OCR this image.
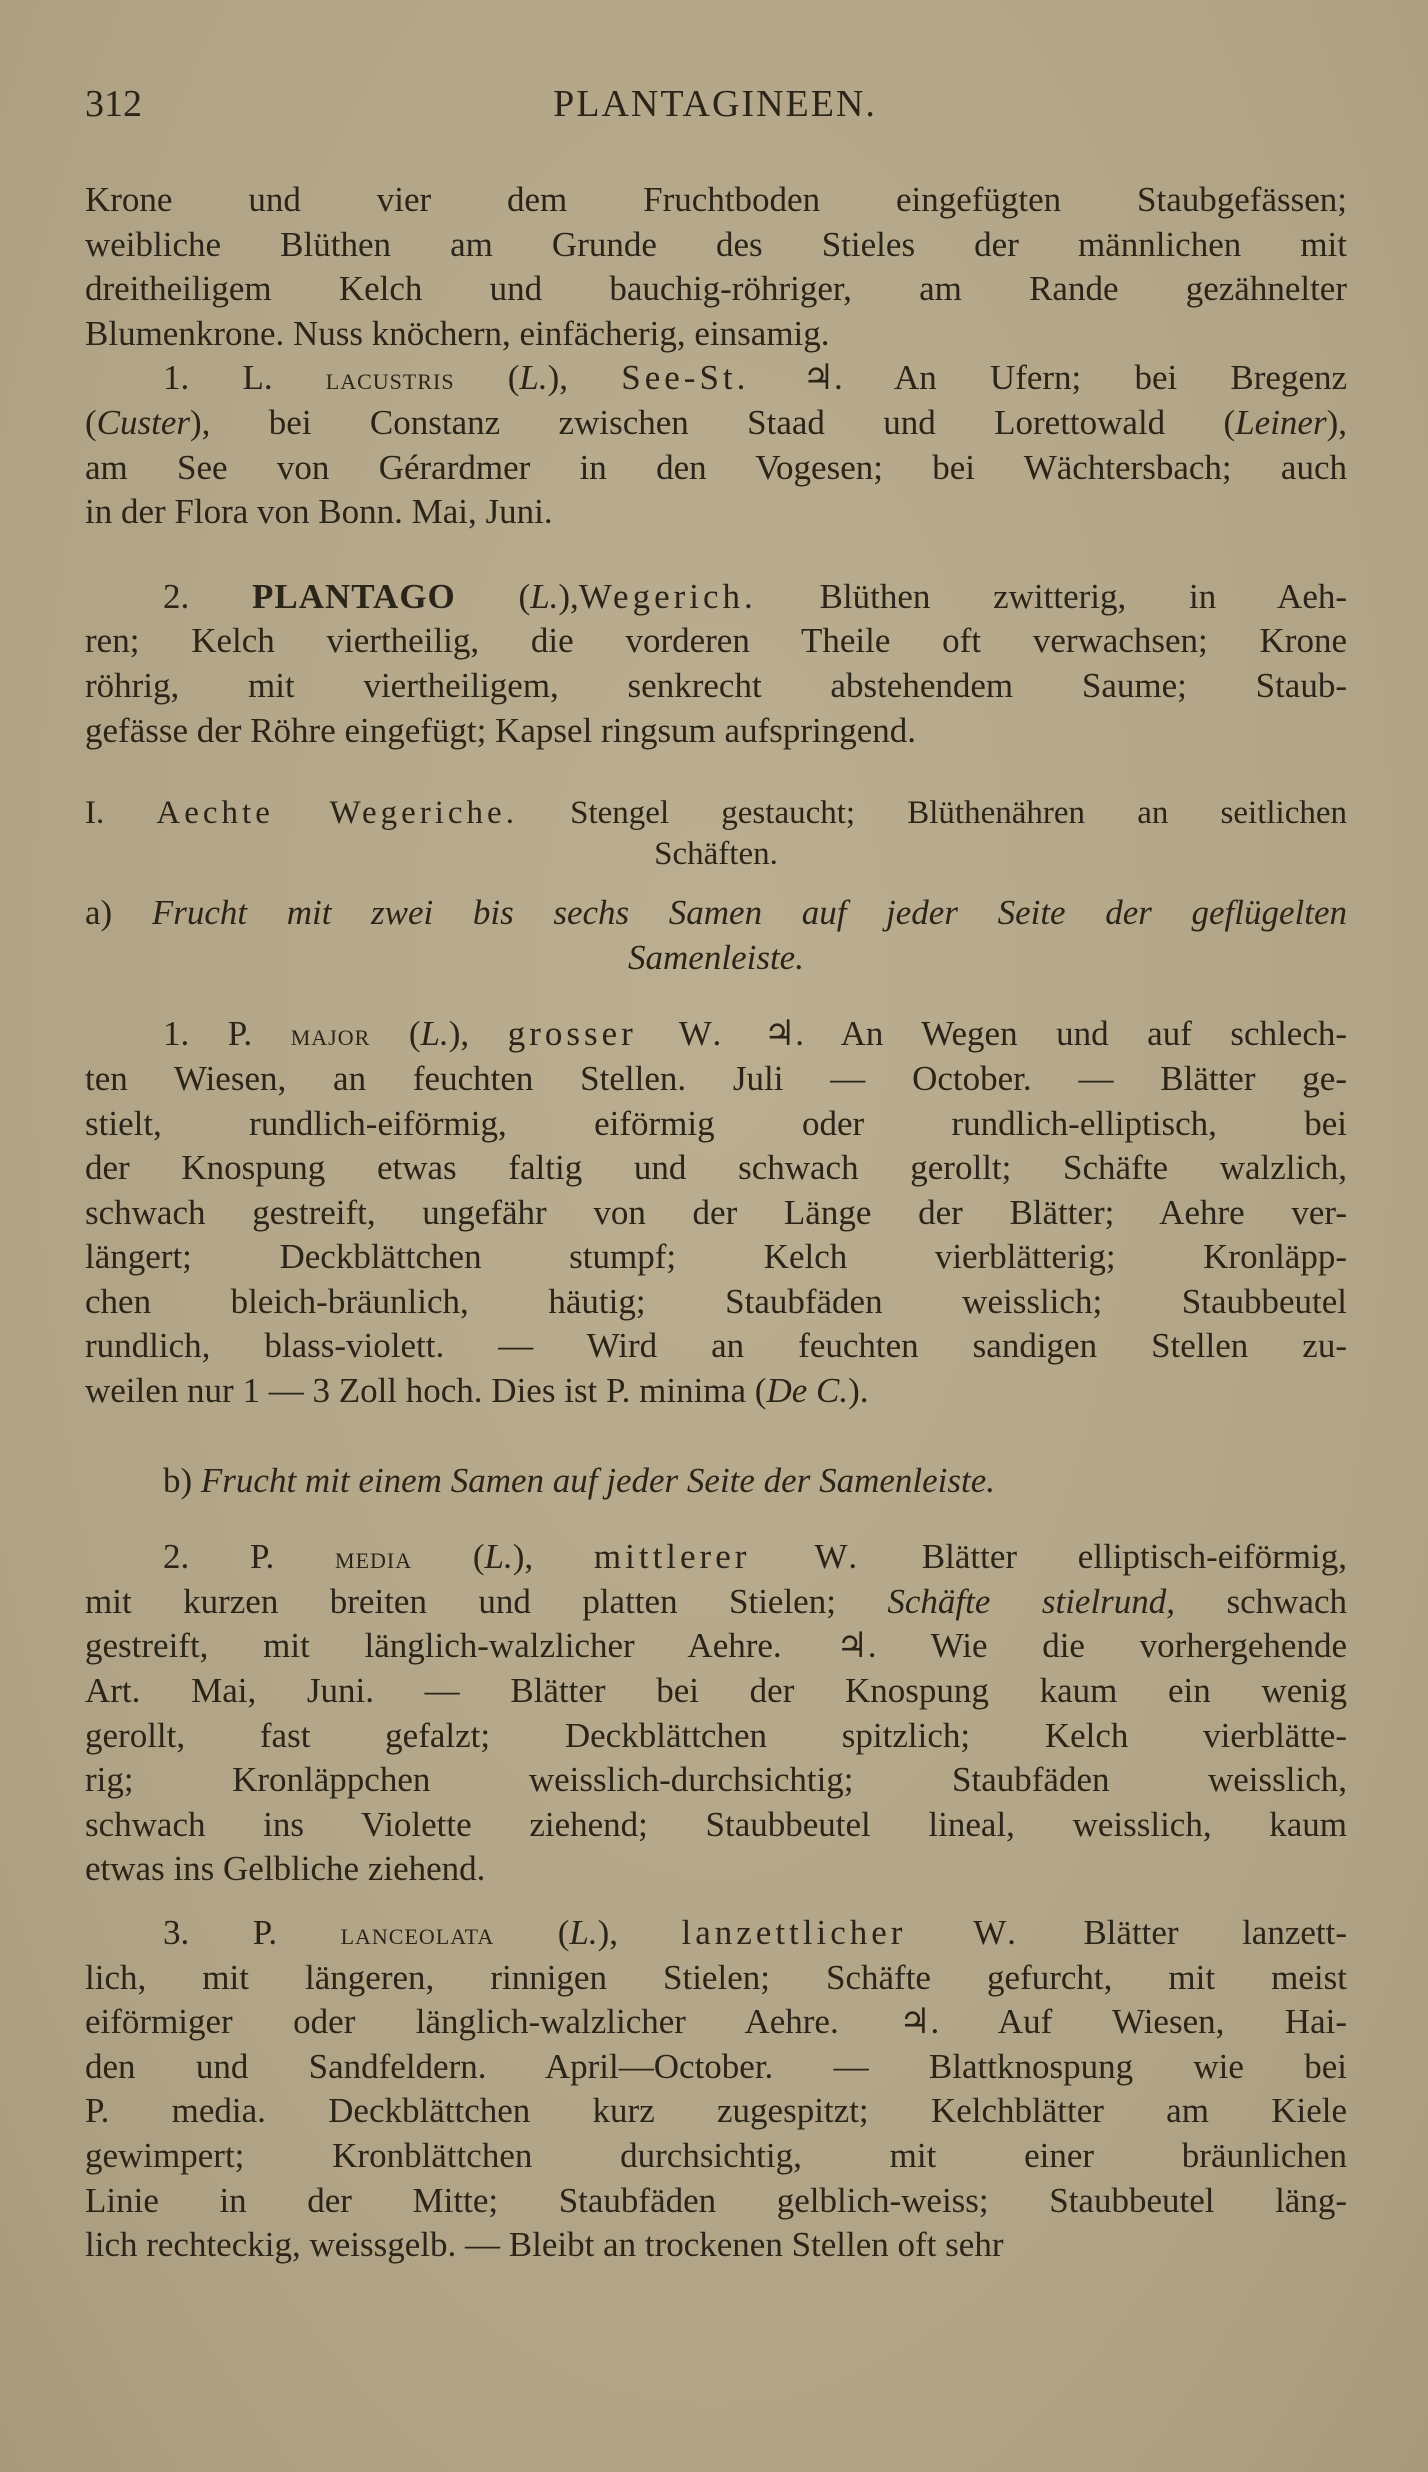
312	PLANTAGINEEN.
Krone und vier dem Fruchtboden eingefügten Staubgefässen;
weibliche Blüthen am Grunde des Stieles der männlichen mit
dreitheiligem Kelch und bauchig-röhriger, am Rande gezähnelter
Blumenkrone. Nuss knöchern, einfächerig, einsamig.
1. L. lacustris (L.), See-St. ♃. An Ufern; bei Bregenz
(Custer), bei Constanz zwischen Staad und Lorettowald (Leiner),
am See von Gérardmer in den Vogesen; bei Wächtersbach; auch
in der Flora von Bonn. Mai, Juni.
2. PLANTAGO (L.),Wegerich. Blüthen zwitterig, in Aeh-
ren; Kelch viertheilig, die vorderen Theile oft verwachsen; Krone
röhrig, mit viertheiligem, senkrecht abstehendem Saume; Staub-
gefässe der Röhre eingefügt; Kapsel ringsum aufspringend.
I. Aechte Wegeriche. Stengel gestaucht; Blüthenähren an seitlichen
Schäften.
a) Frucht mit zwei bis sechs Samen auf jeder Seite der geflügelten
Samenleiste.
1. P. major (L.), grosser W. ♃. An Wegen und auf schlech-
ten Wiesen, an feuchten Stellen. Juli — October. — Blätter ge-
stielt, rundlich-eiförmig, eiförmig oder rundlich-elliptisch, bei
der Knospung etwas faltig und schwach gerollt; Schäfte walzlich,
schwach gestreift, ungefähr von der Länge der Blätter; Aehre ver-
längert; Deckblättchen stumpf; Kelch vierblätterig; Kronläpp-
chen bleich-bräunlich, häutig; Staubfäden weisslich; Staubbeutel
rundlich, blass-violett. — Wird an feuchten sandigen Stellen zu-
weilen nur 1 — 3 Zoll hoch. Dies ist P. minima (De C.).
b) Frucht mit einem Samen auf jeder Seite der Samenleiste.
2. P. media (L.), mittlerer W. Blätter elliptisch-eiförmig,
mit kurzen breiten und platten Stielen; Schäfte stielrund, schwach
gestreift, mit länglich-walzlicher Aehre. ♃. Wie die vorhergehende
Art. Mai, Juni. — Blätter bei der Knospung kaum ein wenig
gerollt, fast gefalzt; Deckblättchen spitzlich; Kelch vierblätte-
rig; Kronläppchen weisslich-durchsichtig; Staubfäden weisslich,
schwach ins Violette ziehend; Staubbeutel lineal, weisslich, kaum
etwas ins Gelbliche ziehend.
3. P. lanceolata (L.), lanzettlicher W. Blätter lanzett-
lich, mit längeren, rinnigen Stielen; Schäfte gefurcht, mit meist
eiförmiger oder länglich-walzlicher Aehre. ♃. Auf Wiesen, Hai-
den und Sandfeldern. April—October. — Blattknospung wie bei
P. media. Deckblättchen kurz zugespitzt; Kelchblätter am Kiele
gewimpert; Kronblättchen durchsichtig, mit einer bräunlichen
Linie in der Mitte; Staubfäden gelblich-weiss; Staubbeutel läng-
lich rechteckig, weissgelb. — Bleibt an trockenen Stellen oft sehr
